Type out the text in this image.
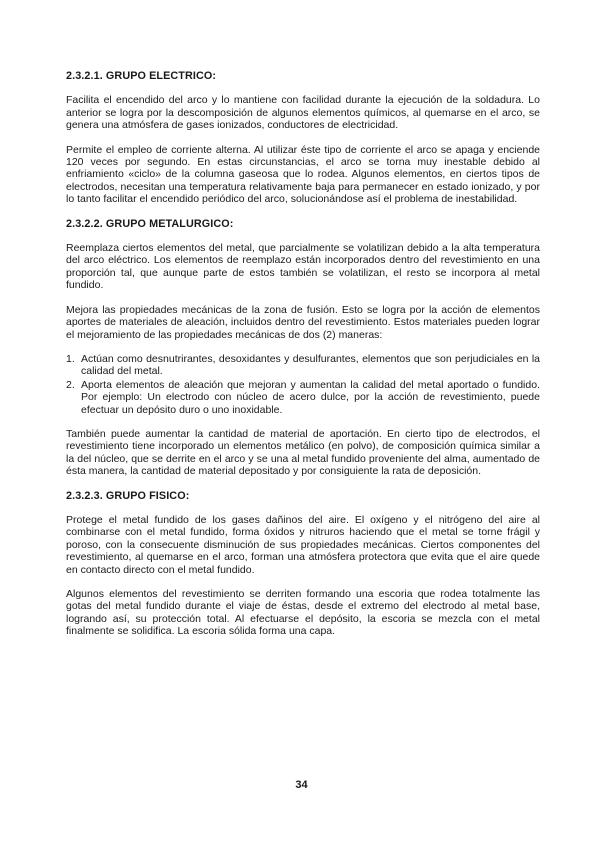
2.3.2.1. GRUPO ELECTRICO:

Facilita el encendido del arco y lo mantiene con facilidad durante la ejecución de la soldadura. Lo anterior se logra por la descomposición de algunos elementos químicos, al quemarse en el arco, se genera una atmósfera de gases ionizados, conductores de electricidad.

Permite el empleo de corriente alterna. Al utilizar éste tipo de corriente el arco se apaga y enciende 120 veces por segundo. En estas circunstancias, el arco se torna muy inestable debido al enfriamiento «ciclo» de la columna gaseosa que lo rodea. Algunos elementos, en ciertos tipos de electrodos, necesitan una temperatura relativamente baja para permanecer en estado ionizado, y por lo tanto facilitar el encendido periódico del arco, solucionándose así el problema de inestabilidad.

2.3.2.2. GRUPO METALURGICO:

Reemplaza ciertos elementos del metal, que parcialmente se volatilizan debido a la alta temperatura del arco eléctrico. Los elementos de reemplazo están incorporados dentro del revestimiento en una proporción tal, que aunque parte de estos también se volatilizan, el resto se incorpora al metal fundido.

Mejora las propiedades mecánicas de la zona de fusión. Esto se logra por la acción de elementos aportes de materiales de aleación, incluidos dentro del revestimiento. Estos materiales pueden lograr el mejoramiento de las propiedades mecánicas de dos (2) maneras:

1. Actúan como desnutrirantes, desoxidantes y desulfurantes, elementos que son perjudiciales en la calidad del metal.
2. Aporta elementos de aleación que mejoran y aumentan la calidad del metal aportado o fundido. Por ejemplo: Un electrodo con núcleo de acero dulce, por la acción de revestimiento, puede efectuar un depósito duro o uno inoxidable.

También puede aumentar la cantidad de material de aportación. En cierto tipo de electrodos, el revestimiento tiene incorporado un elementos metálico (en polvo), de composición química similar a la del núcleo, que se derrite en el arco y se una al metal fundido proveniente del alma, aumentado de ésta manera, la cantidad de material depositado y por consiguiente la rata de deposición.

2.3.2.3. GRUPO FISICO:

Protege el metal fundido de los gases dañinos del aire. El oxígeno y el nitrógeno del aire al combinarse con el metal fundido, forma óxidos y nitruros haciendo que el metal se torne frágil y poroso, con la consecuente disminución de sus propiedades mecánicas. Ciertos componentes del revestimiento, al quemarse en el arco, forman una atmósfera protectora que evita que el aire quede en contacto directo con el metal fundido.

Algunos elementos del revestimiento se derriten formando una escoria que rodea totalmente las gotas del metal fundido durante el viaje de éstas, desde el extremo del electrodo al metal base, logrando así, su protección total. Al efectuarse el depósito, la escoria se mezcla con el metal finalmente se solidifica. La escoria sólida forma una capa.

34
